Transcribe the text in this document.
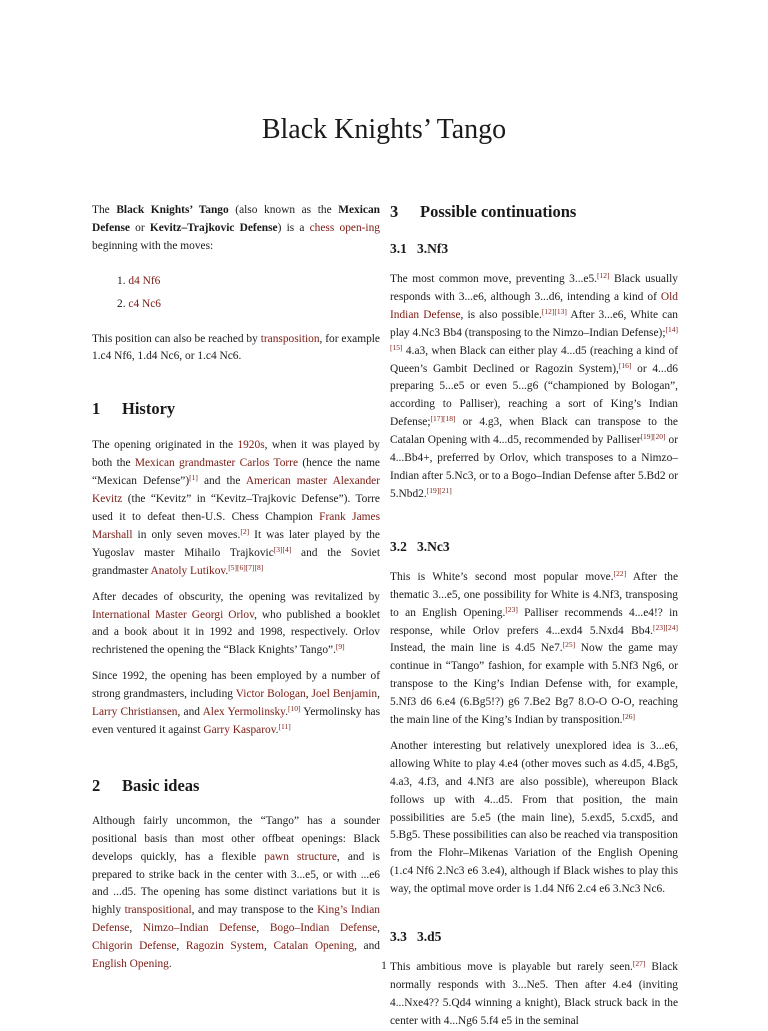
Black Knights’ Tango

The Black Knights’ Tango (also known as the Mexican Defense or Kevitz–Trajkovic Defense) is a chess open-ing beginning with the moves:

1. d4 Nf6
2. c4 Nc6

This position can also be reached by transposition, for example 1.c4 Nf6, 1.d4 Nc6, or 1.c4 Nc6.

1 History

The opening originated in the 1920s, when it was played by both the Mexican grandmaster Carlos Torre (hence the name “Mexican Defense”)[1] and the American master Alexander Kevitz (the “Kevitz” in “Kevitz–Trajkovic Defense”). Torre used it to defeat then-U.S. Chess Champion Frank James Marshall in only seven moves.[2] It was later played by the Yugoslav master Mihailo Trajkovic[3][4] and the Soviet grandmaster Anatoly Lutikov.[5][6][7][8]

After decades of obscurity, the opening was revitalized by International Master Georgi Orlov, who published a booklet and a book about it in 1992 and 1998, respectively. Orlov rechristened the opening the “Black Knights’ Tango”.[9]

Since 1992, the opening has been employed by a number of strong grandmasters, including Victor Bologan, Joel Benjamin, Larry Christiansen, and Alex Yermolinsky.[10] Yermolinsky has even ventured it against Garry Kasparov.[11]

2 Basic ideas

Although fairly uncommon, the “Tango” has a sounder positional basis than most other offbeat openings: Black develops quickly, has a flexible pawn structure, and is prepared to strike back in the center with 3...e5, or with ...e6 and ...d5. The opening has some distinct variations but it is highly transpositional, and may transpose to the King’s Indian Defense, Nimzo–Indian Defense, Bogo–Indian Defense, Chigorin Defense, Ragozin System, Catalan Opening, and English Opening.

3 Possible continuations
3.1 3.Nf3

The most common move, preventing 3...e5.[12] Black usually responds with 3...e6, although 3...d6, intending a kind of Old Indian Defense, is also possible.[12][13] After 3...e6, White can play 4.Nc3 Bb4 (transposing to the Nimzo–Indian Defense);[14][15] 4.a3, when Black can either play 4...d5 (reaching a kind of Queen’s Gambit Declined or Ragozin System),[16] or 4...d6 preparing 5...e5 or even 5...g6 (“championed by Bologan”, according to Palliser), reaching a sort of King’s Indian Defense;[17][18] or 4.g3, when Black can transpose to the Catalan Opening with 4...d5, recommended by Palliser[19][20] or 4...Bb4+, preferred by Orlov, which transposes to a Nimzo–Indian after 5.Nc3, or to a Bogo–Indian Defense after 5.Bd2 or 5.Nbd2.[19][21]

3.2 3.Nc3

This is White’s second most popular move.[22] After the thematic 3...e5, one possibility for White is 4.Nf3, transposing to an English Opening.[23] Palliser recommends 4...e4!? in response, while Orlov prefers 4...exd4 5.Nxd4 Bb4.[23][24] Instead, the main line is 4.d5 Ne7.[25] Now the game may continue in “Tango” fashion, for example with 5.Nf3 Ng6, or transpose to the King’s Indian Defense with, for example, 5.Nf3 d6 6.e4 (6.Bg5!?) g6 7.Be2 Bg7 8.O-O O-O, reaching the main line of the King’s Indian by transposition.[26]

Another interesting but relatively unexplored idea is 3...e6, allowing White to play 4.e4 (other moves such as 4.d5, 4.Bg5, 4.a3, 4.f3, and 4.Nf3 are also possible), whereupon Black follows up with 4...d5. From that position, the main possibilities are 5.e5 (the main line), 5.exd5, 5.cxd5, and 5.Bg5. These possibilities can also be reached via transposition from the Flohr–Mikenas Variation of the English Opening (1.c4 Nf6 2.Nc3 e6 3.e4), although if Black wishes to play this way, the optimal move order is 1.d4 Nf6 2.c4 e6 3.Nc3 Nc6.

3.3 3.d5

This ambitious move is playable but rarely seen.[27] Black normally responds with 3...Ne5. Then after 4.e4 (inviting 4...Nxe4?? 5.Qd4 winning a knight), Black struck back in the center with 4...Ng6 5.f4 e5 in the seminal

1
